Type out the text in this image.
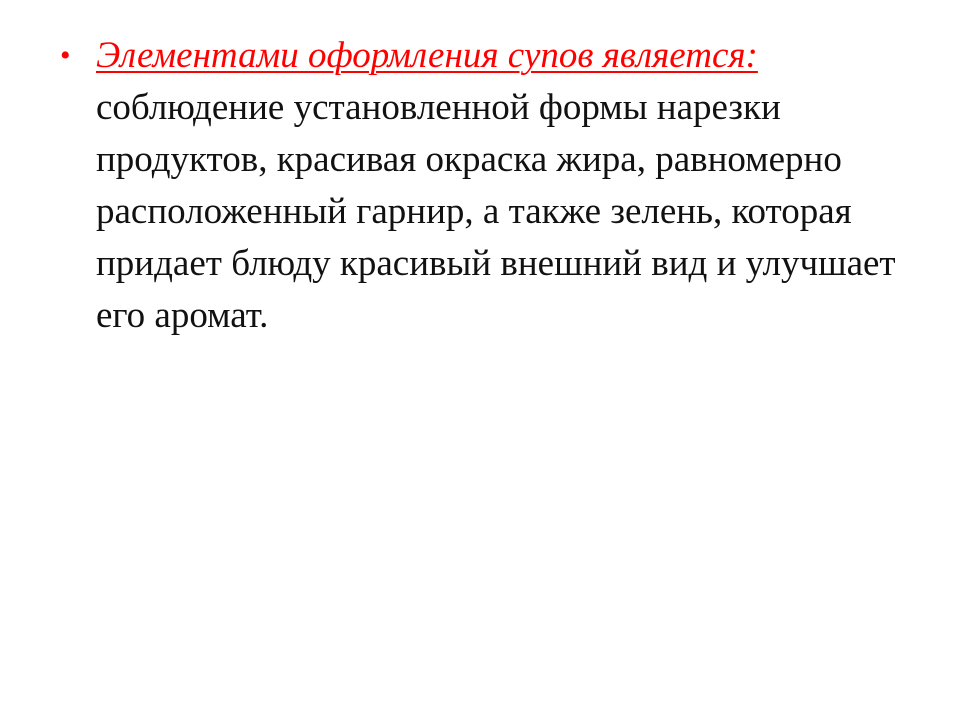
• Элементами оформления супов является:
соблюдение установленной формы нарезки продуктов, красивая окраска жира, равномерно расположенный гарнир, а также зелень, которая придает блюду красивый внешний вид и улучшает его аромат.
